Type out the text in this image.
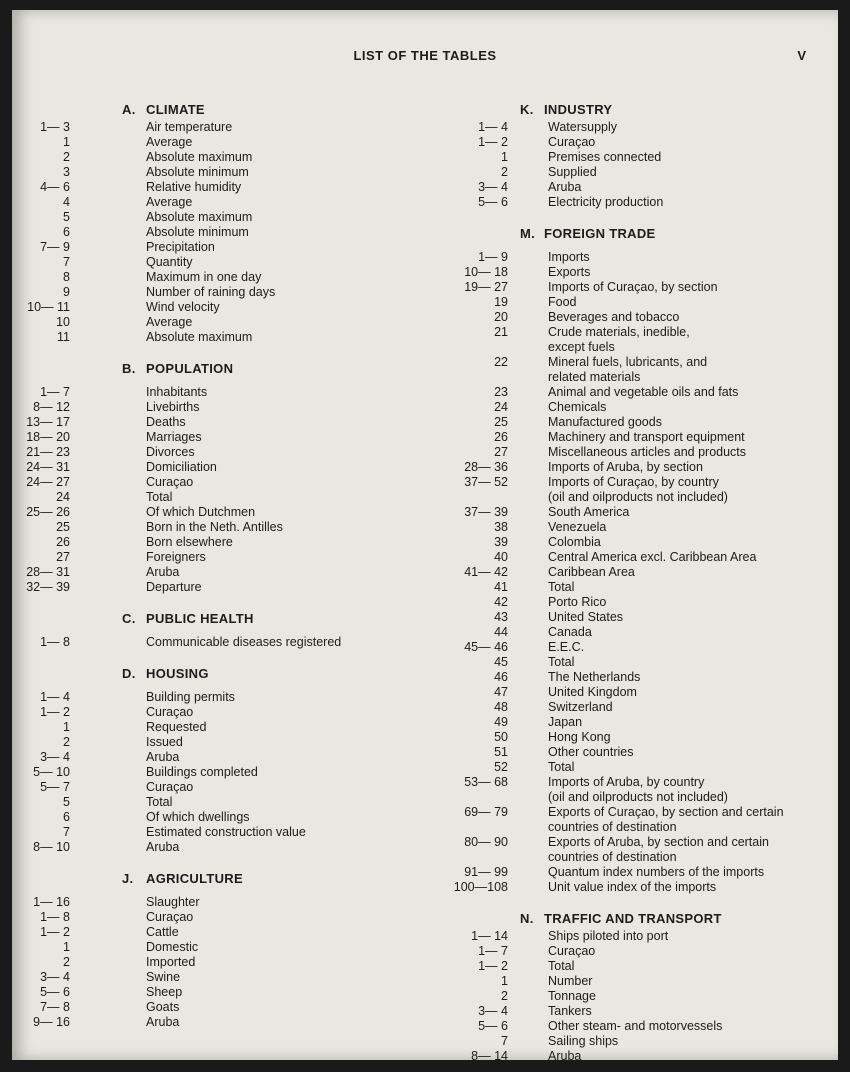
LIST OF THE TABLES	V
A. CLIMATE
1— 3	Air temperature
1	Average
2	Absolute maximum
3	Absolute minimum
4— 6	Relative humidity
4	Average
5	Absolute maximum
6	Absolute minimum
7— 9	Precipitation
7	Quantity
8	Maximum in one day
9	Number of raining days
10— 11	Wind velocity
10	Average
11	Absolute maximum
B. POPULATION
1— 7	Inhabitants
8— 12	Livebirths
13— 17	Deaths
18— 20	Marriages
21— 23	Divorces
24— 31	Domiciliation
24— 27	Curaçao
24	Total
25— 26	Of which Dutchmen
25	Born in the Neth. Antilles
26	Born elsewhere
27	Foreigners
28— 31	Aruba
32— 39	Departure
C. PUBLIC HEALTH
1— 8	Communicable diseases registered
D. HOUSING
1— 4	Building permits
1— 2	Curaçao
1	Requested
2	Issued
3— 4	Aruba
5— 10	Buildings completed
5— 7	Curaçao
5	Total
6	Of which dwellings
7	Estimated construction value
8— 10	Aruba
J. AGRICULTURE
1— 16	Slaughter
1— 8	Curaçao
1— 2	Cattle
1	Domestic
2	Imported
3— 4	Swine
5— 6	Sheep
7— 8	Goats
9— 16	Aruba
K. INDUSTRY
1— 4	Watersupply
1— 2	Curaçao
1	Premises connected
2	Supplied
3— 4	Aruba
5— 6	Electricity production
M. FOREIGN TRADE
1— 9	Imports
10— 18	Exports
19— 27	Imports of Curaçao, by section
19	Food
20	Beverages and tobacco
21	Crude materials, inedible,
except fuels
22	Mineral fuels, lubricants, and
related materials
23	Animal and vegetable oils and fats
24	Chemicals
25	Manufactured goods
26	Machinery and transport equipment
27	Miscellaneous articles and products
28— 36	Imports of Aruba, by section
37— 52	Imports of Curaçao, by country
(oil and oilproducts not included)
37— 39	South America
38	Venezuela
39	Colombia
40	Central America excl. Caribbean Area
41— 42	Caribbean Area
41	Total
42	Porto Rico
43	United States
44	Canada
45— 46	E.E.C.
45	Total
46	The Netherlands
47	United Kingdom
48	Switzerland
49	Japan
50	Hong Kong
51	Other countries
52	Total
53— 68	Imports of Aruba, by country
(oil and oilproducts not included)
69— 79	Exports of Curaçao, by section and certain
countries of destination
80— 90	Exports of Aruba, by section and certain
countries of destination
91— 99	Quantum index numbers of the imports
100—108	Unit value index of the imports
N. TRAFFIC AND TRANSPORT
1— 14	Ships piloted into port
1— 7	Curaçao
1— 2	Total
1	Number
2	Tonnage
3— 4	Tankers
5— 6	Other steam- and motorvessels
7	Sailing ships
8— 14	Aruba
